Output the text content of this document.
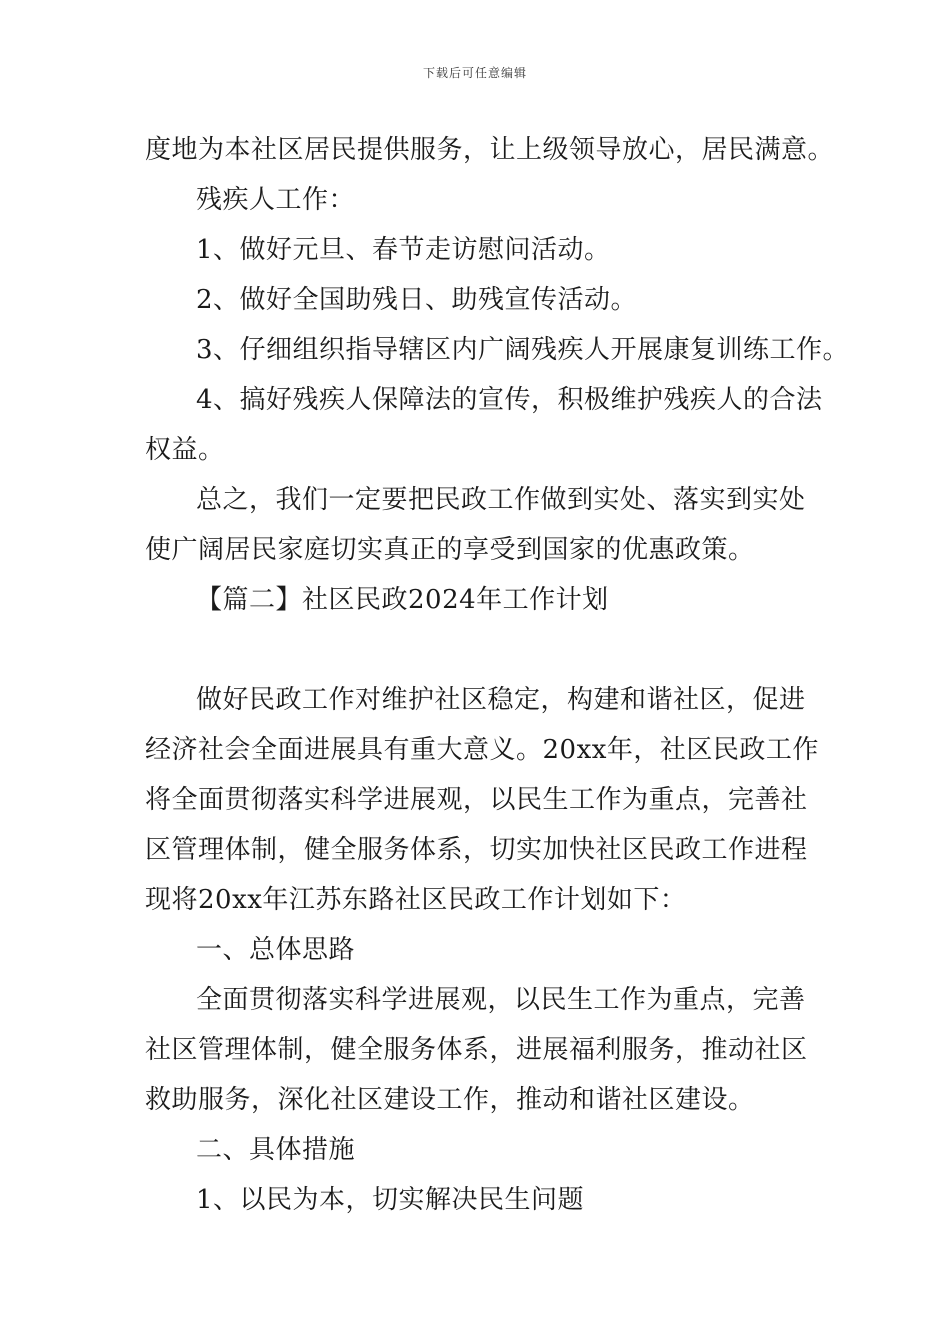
下载后可任意编辑
度地为本社区居民提供服务，让上级领导放心，居民满意。
残疾人工作：
1、做好元旦、春节走访慰问活动。
2、做好全国助残日、助残宣传活动。
3、仔细组织指导辖区内广阔残疾人开展康复训练工作。
4、搞好残疾人保障法的宣传，积极维护残疾人的合法
权益。
总之，我们一定要把民政工作做到实处、落实到实处
使广阔居民家庭切实真正的享受到国家的优惠政策。
【篇二】社区民政2024年工作计划
做好民政工作对维护社区稳定，构建和谐社区，促进
经济社会全面进展具有重大意义。20xx年，社区民政工作
将全面贯彻落实科学进展观，以民生工作为重点，完善社
区管理体制，健全服务体系，切实加快社区民政工作进程
现将20xx年江苏东路社区民政工作计划如下：
一、总体思路
全面贯彻落实科学进展观，以民生工作为重点，完善
社区管理体制，健全服务体系，进展福利服务，推动社区
救助服务，深化社区建设工作，推动和谐社区建设。
二、具体措施
1、以民为本，切实解决民生问题
